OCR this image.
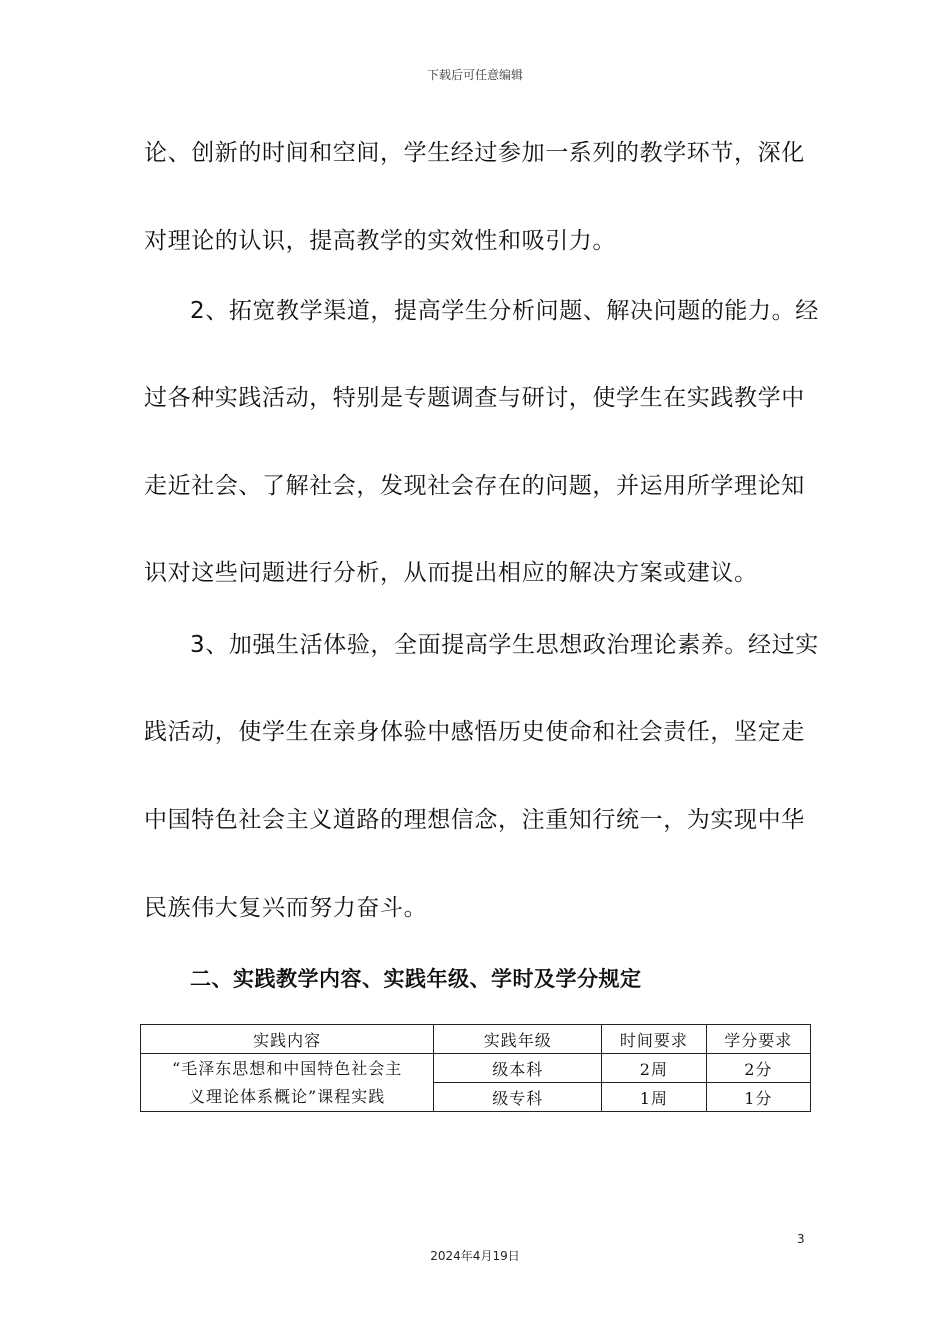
下载后可任意编辑
论、创新的时间和空间，学生经过参加一系列的教学环节，深化
对理论的认识，提高教学的实效性和吸引力。
2、拓宽教学渠道，提高学生分析问题、解决问题的能力。经
过各种实践活动，特别是专题调查与研讨，使学生在实践教学中
走近社会、了解社会，发现社会存在的问题，并运用所学理论知
识对这些问题进行分析，从而提出相应的解决方案或建议。
3、加强生活体验，全面提高学生思想政治理论素养。经过实
践活动，使学生在亲身体验中感悟历史使命和社会责任，坚定走
中国特色社会主义道路的理想信念，注重知行统一，为实现中华
民族伟大复兴而努力奋斗。
二、实践教学内容、实践年级、学时及学分规定
实践内容	实践年级	时间要求	学分要求

“毛泽东思想和中国特色社会主
义理论体系概论”课程实践	级本科	2周	2分
	级专科	1周	1分
3
2024年4月19日
